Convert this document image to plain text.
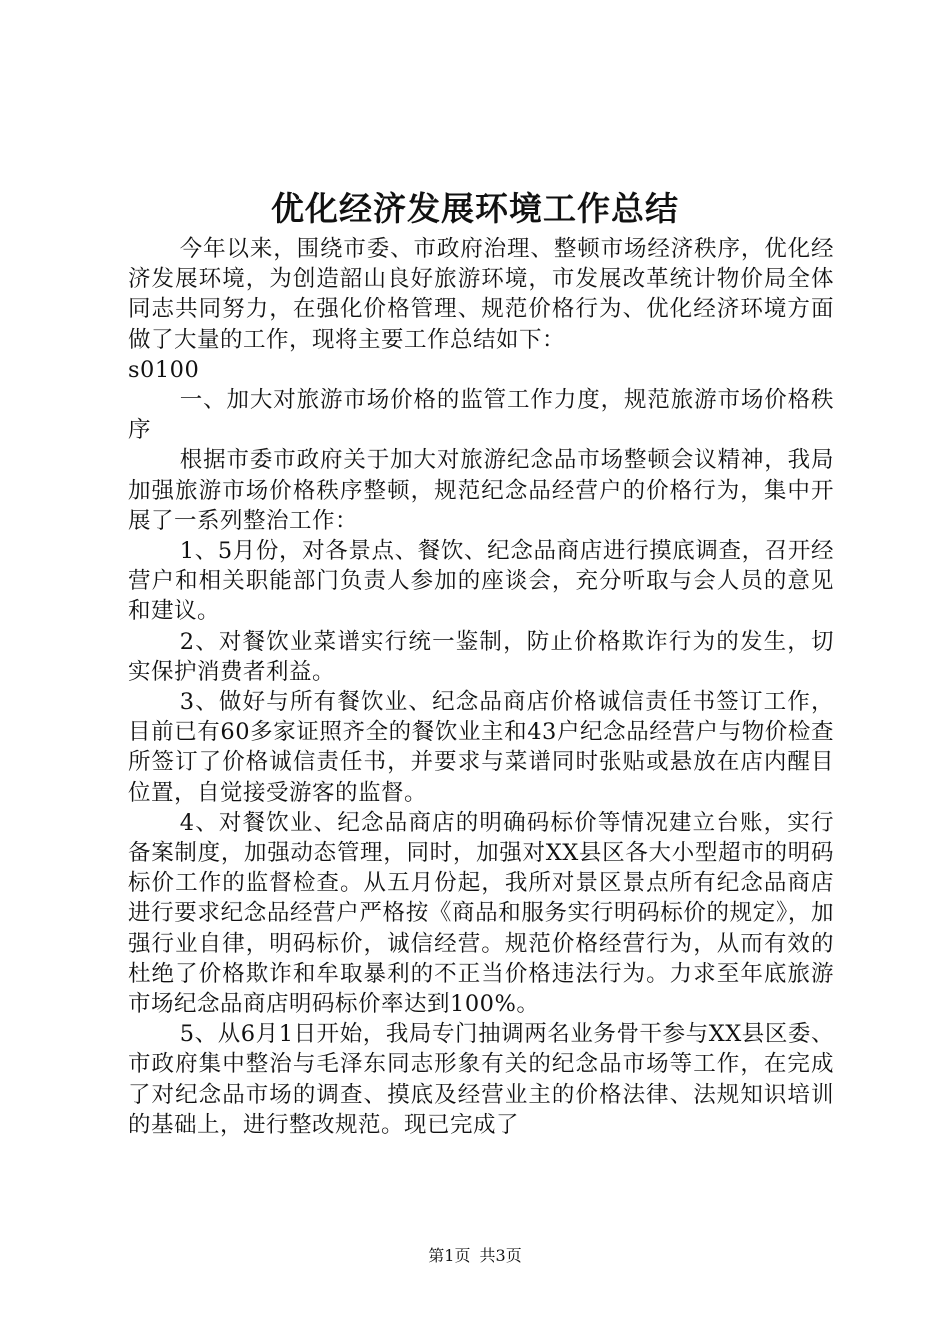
优化经济发展环境工作总结

今年以来，围绕市委、市政府治理、整顿市场经济秩序，优化经济发展环境，为创造韶山良好旅游环境，市发展改革统计物价局全体同志共同努力，在强化价格管理、规范价格行为、优化经济环境方面做了大量的工作，现将主要工作总结如下：

s0100

一、加大对旅游市场价格的监管工作力度，规范旅游市场价格秩序

根据市委市政府关于加大对旅游纪念品市场整顿会议精神，我局加强旅游市场价格秩序整顿，规范纪念品经营户的价格行为，集中开展了一系列整治工作：

1、5月份，对各景点、餐饮、纪念品商店进行摸底调查，召开经营户和相关职能部门负责人参加的座谈会，充分听取与会人员的意见和建议。

2、对餐饮业菜谱实行统一鉴制，防止价格欺诈行为的发生，切实保护消费者利益。

3、做好与所有餐饮业、纪念品商店价格诚信责任书签订工作，目前已有60多家证照齐全的餐饮业主和43户纪念品经营户与物价检查所签订了价格诚信责任书，并要求与菜谱同时张贴或悬放在店内醒目位置，自觉接受游客的监督。

4、对餐饮业、纪念品商店的明确码标价等情况建立台账，实行备案制度，加强动态管理，同时，加强对XX县区各大小型超市的明码标价工作的监督检查。从五月份起，我所对景区景点所有纪念品商店进行要求纪念品经营户严格按《商品和服务实行明码标价的规定》，加强行业自律，明码标价，诚信经营。规范价格经营行为，从而有效的杜绝了价格欺诈和牟取暴利的不正当价格违法行为。力求至年底旅游市场纪念品商店明码标价率达到100%。

5、从6月1日开始，我局专门抽调两名业务骨干参与XX县区委、市政府集中整治与毛泽东同志形象有关的纪念品市场等工作，在完成了对纪念品市场的调查、摸底及经营业主的价格法律、法规知识培训的基础上，进行整改规范。现已完成了

第1页 共3页
